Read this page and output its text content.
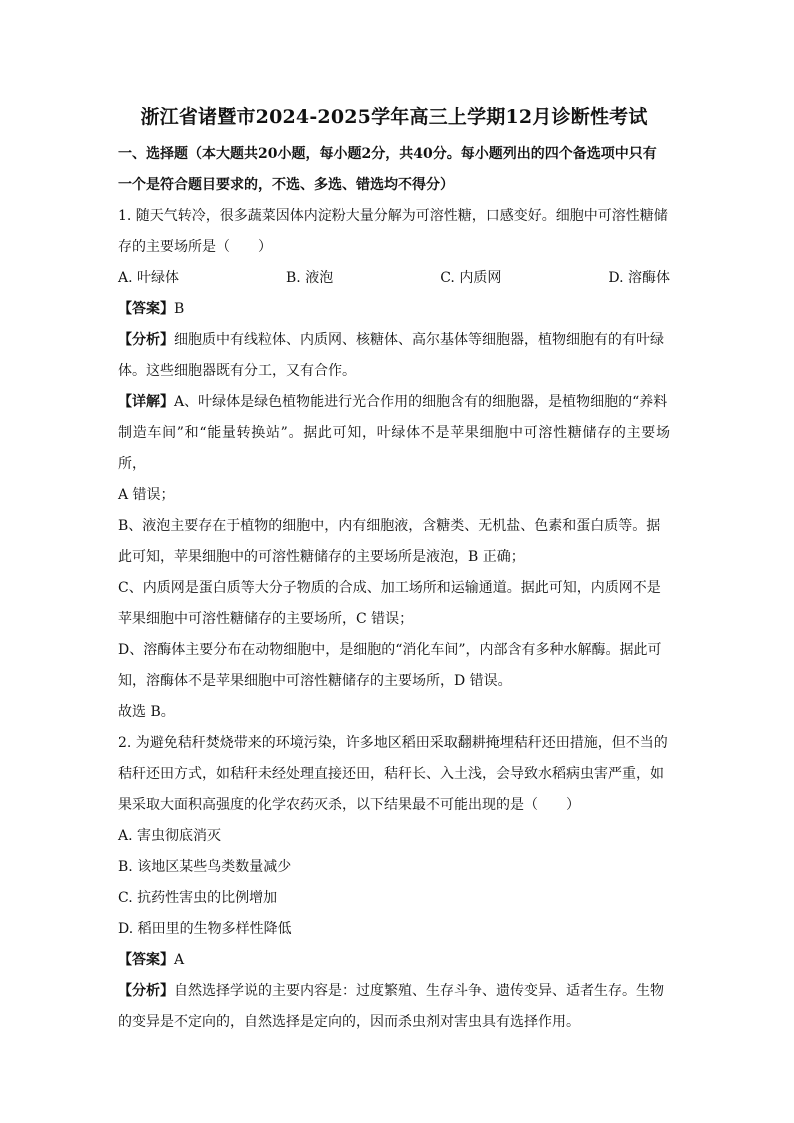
浙江省诸暨市2024-2025学年高三上学期12月诊断性考试

一、选择题（本大题共20小题，每小题2分，共40分。每小题列出的四个备选项中只有

一个是符合题目要求的，不选、多选、错选均不得分）

1. 随天气转冷，很多蔬菜因体内淀粉大量分解为可溶性糖，口感变好。细胞中可溶性糖储

存的主要场所是（　　）

A. 叶绿体	B. 液泡	C. 内质网	D. 溶酶体

【答案】B

【分析】细胞质中有线粒体、内质网、核糖体、高尔基体等细胞器，植物细胞有的有叶绿

体。这些细胞器既有分工，又有合作。

【详解】A、叶绿体是绿色植物能进行光合作用的细胞含有的细胞器，是植物细胞的“养料

制造车间”和“能量转换站”。据此可知，叶绿体不是苹果细胞中可溶性糖储存的主要场所，

A 错误；

B、液泡主要存在于植物的细胞中，内有细胞液，含糖类、无机盐、色素和蛋白质等。据

此可知，苹果细胞中的可溶性糖储存的主要场所是液泡，B 正确；

C、内质网是蛋白质等大分子物质的合成、加工场所和运输通道。据此可知，内质网不是

苹果细胞中可溶性糖储存的主要场所，C 错误；

D、溶酶体主要分布在动物细胞中，是细胞的“消化车间”，内部含有多种水解酶。据此可

知，溶酶体不是苹果细胞中可溶性糖储存的主要场所，D 错误。

故选 B。

2. 为避免秸秆焚烧带来的环境污染，许多地区稻田采取翻耕掩埋秸秆还田措施，但不当的

秸秆还田方式，如秸秆未经处理直接还田，秸秆长、入土浅，会导致水稻病虫害严重，如

果采取大面积高强度的化学农药灭杀，以下结果最不可能出现的是（　　）

A. 害虫彻底消灭

B. 该地区某些鸟类数量减少

C. 抗药性害虫的比例增加

D. 稻田里的生物多样性降低

【答案】A

【分析】自然选择学说的主要内容是：过度繁殖、生存斗争、遗传变异、适者生存。生物

的变异是不定向的，自然选择是定向的，因而杀虫剂对害虫具有选择作用。
